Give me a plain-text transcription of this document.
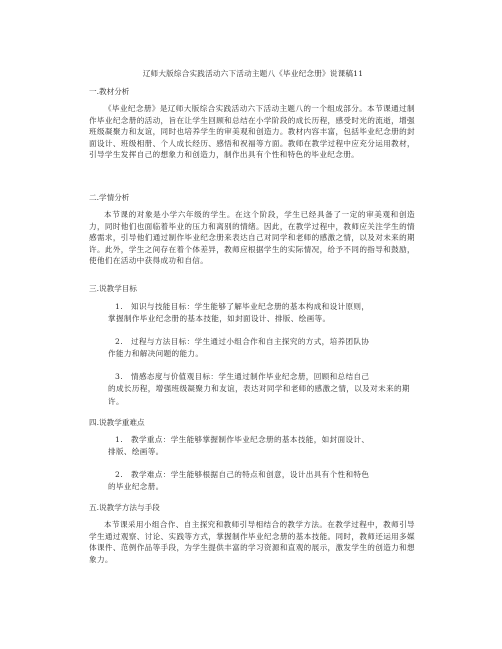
辽师大版综合实践活动六下活动主题八《毕业纪念册》说课稿11
一.教材分析
《毕业纪念册》是辽师大版综合实践活动六下活动主题八的一个组成部分。本节课通过制作毕业纪念册的活动，旨在让学生回顾和总结在小学阶段的成长历程，感受时光的流逝，增强班级凝聚力和友谊，同时也培养学生的审美观和创造力。教材内容丰富，包括毕业纪念册的封面设计、班级相册、个人成长经历、感悟和祝福等方面。教师在教学过程中应充分运用教材，引导学生发挥自己的想象力和创造力，制作出具有个性和特色的毕业纪念册。
二.学情分析
本节课的对象是小学六年级的学生。在这个阶段，学生已经具备了一定的审美观和创造力，同时他们也面临着毕业的压力和离别的情绪。因此，在教学过程中，教师应关注学生的情感需求，引导他们通过制作毕业纪念册来表达自己对同学和老师的感激之情，以及对未来的期许。此外，学生之间存在着个体差异，教师应根据学生的实际情况，给予不同的指导和鼓励，使他们在活动中获得成功和自信。
三.说教学目标
1. 知识与技能目标：学生能够了解毕业纪念册的基本构成和设计原则，
掌握制作毕业纪念册的基本技能，如封面设计、排版、绘画等。
2. 过程与方法目标：学生通过小组合作和自主探究的方式，培养团队协
作能力和解决问题的能力。
3. 情感态度与价值观目标：学生通过制作毕业纪念册，回顾和总结自己
的成长历程，增强班级凝聚力和友谊，表达对同学和老师的感激之情，以及对未来的期许。
四.说教学重难点
1. 教学重点：学生能够掌握制作毕业纪念册的基本技能，如封面设计、
排版、绘画等。
2. 教学难点：学生能够根据自己的特点和创意，设计出具有个性和特色
的毕业纪念册。
五.说教学方法与手段
本节课采用小组合作、自主探究和教师引导相结合的教学方法。在教学过程中，教师引导学生通过观察、讨论、实践等方式，掌握制作毕业纪念册的基本技能。同时，教师还运用多媒体课件、范例作品等手段，为学生提供丰富的学习资源和直观的展示，激发学生的创造力和想象力。
